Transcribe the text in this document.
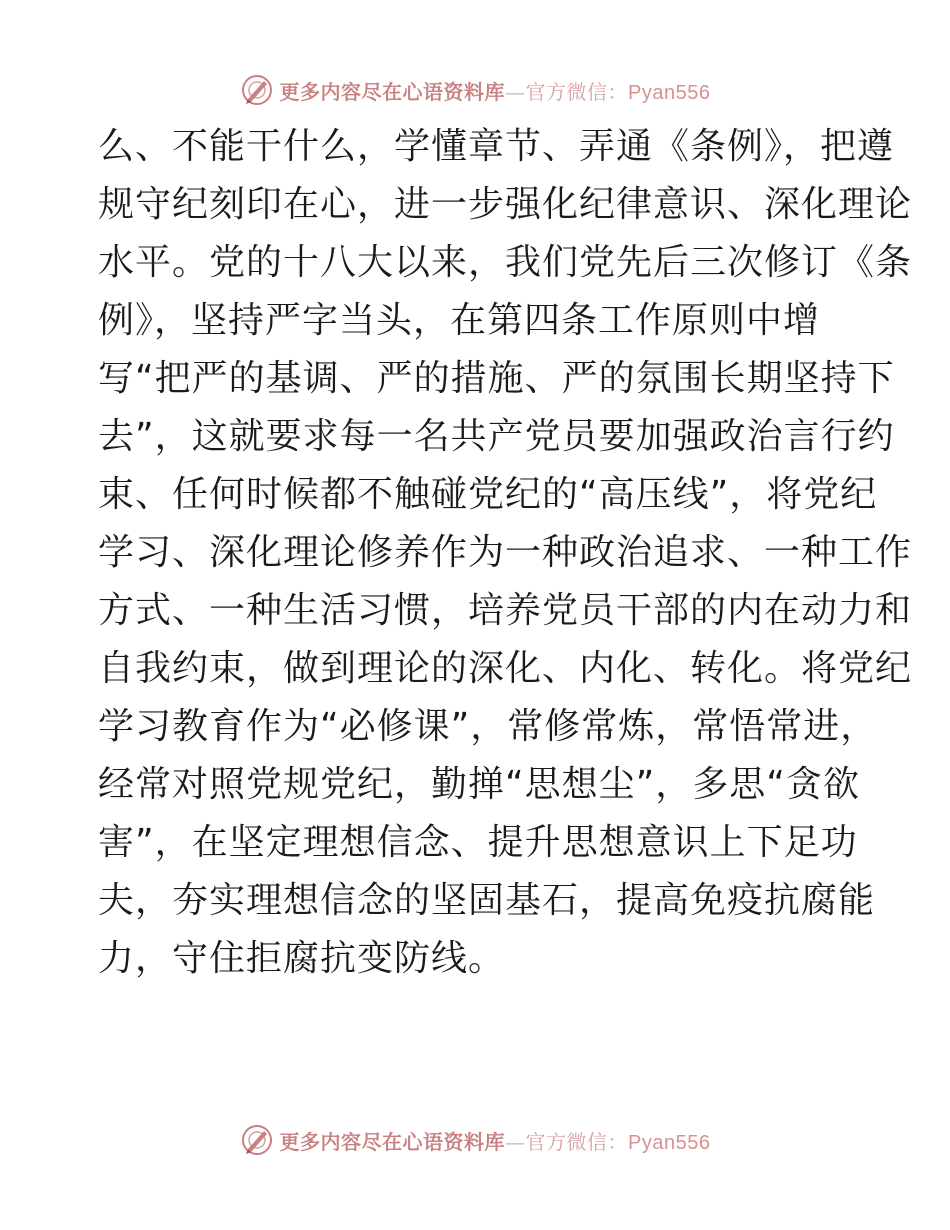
更多内容尽在心语资料库—官方微信：Pyan556
么、不能干什么，学懂章节、弄通《条例》，把遵
规守纪刻印在心，进一步强化纪律意识、深化理论
水平。党的十八大以来，我们党先后三次修订《条
例》，坚持严字当头，在第四条工作原则中增
写“把严的基调、严的措施、严的氛围长期坚持下
去”，这就要求每一名共产党员要加强政治言行约
束、任何时候都不触碰党纪的“高压线”，将党纪
学习、深化理论修养作为一种政治追求、一种工作
方式、一种生活习惯，培养党员干部的内在动力和
自我约束，做到理论的深化、内化、转化。将党纪
学习教育作为“必修课”，常修常炼，常悟常进，
经常对照党规党纪，勤掸“思想尘”，多思“贪欲
害”，在坚定理想信念、提升思想意识上下足功
夫，夯实理想信念的坚固基石，提高免疫抗腐能
力，守住拒腐抗变防线。
更多内容尽在心语资料库—官方微信：Pyan556
